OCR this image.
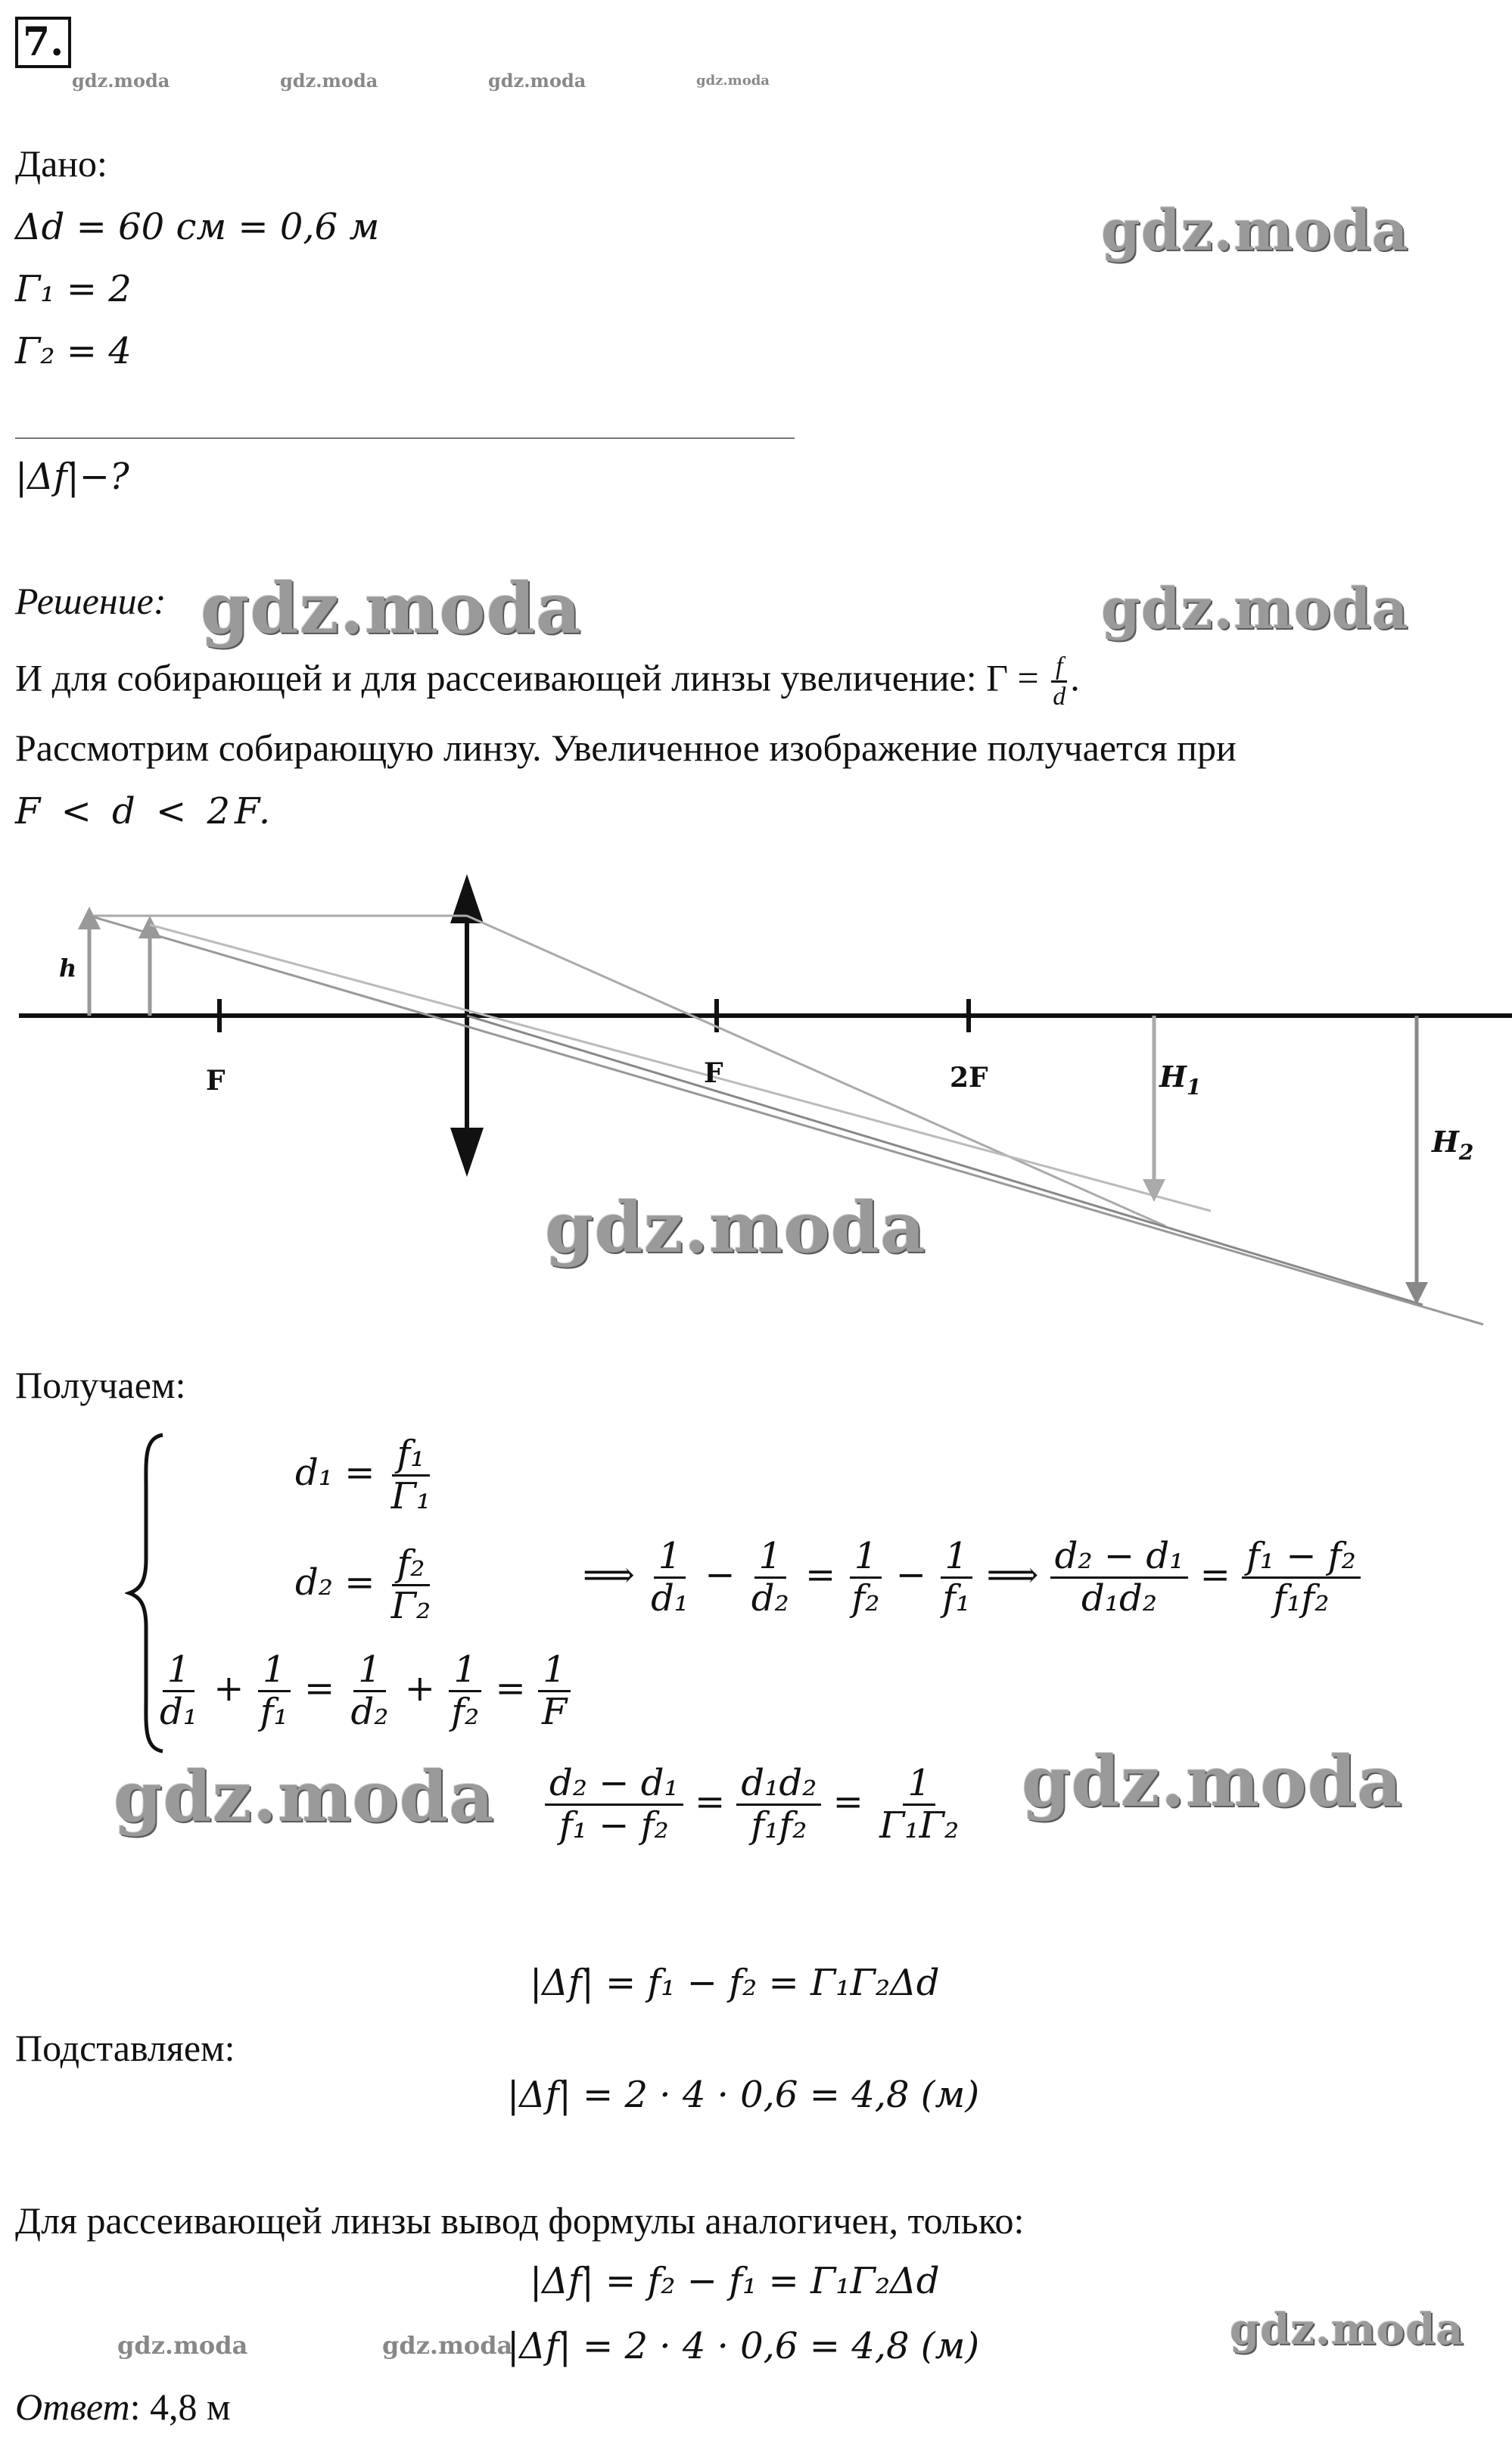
7.
gdz.moda	gdz.moda	gdz.moda	gdz.moda
Дано:
Δd = 60 см = 0,6 м
Γ₁ = 2
Γ₂ = 4
gdz.moda
|Δf|−?
Решение: gdz.moda	gdz.moda
И для собирающей и для рассеивающей линзы увеличение: $\Gamma = \frac{f}{d}$ .
Рассмотрим собирающую линзу. Увеличенное изображение получается при
F < d < 2F.
h
F	F	2F	$H_1$
$H_2$
gdz.moda
Получаем:
$d_1 = \frac{\text{f₁}}{\text{Γ₁}}$
$d_2 = \frac{\text{f₂}}{\text{Γ₂}}$
$\frac{1}{\text{d₁}} + \frac{1}{\text{f₁}} = \frac{1}{\text{d₂}} + \frac{1}{\text{f₂}} = \frac{1}{F}$
⟹ $\frac{1}{\text{d₁}} - \frac{1}{\text{d₂}} = \frac{1}{\text{f₂}} - \frac{1}{\text{f₁}}$ ⟹ $\frac{\text{d₂ − d₁}}{\text{d₁d₂}} = \frac{\text{f₁ − f₂}}{\text{f₁f₂}}$
gdz.moda	gdz.moda
$\frac{\text{d₂ − d₁}}{\text{f₁ − f₂}} = \frac{\text{d₁d₂}}{\text{f₁f₂}} = \frac{1}{\text{Γ₁Γ₂}}$
|Δf| = f₁ − f₂ = Γ₁Γ₂Δd
Подставляем:
|Δf| = 2 · 4 · 0,6 = 4,8 (м)
Для рассеивающей линзы вывод формулы аналогичен, только:
|Δf| = f₂ − f₁ = Γ₁Γ₂Δd
|Δf| = 2 · 4 · 0,6 = 4,8 (м)
gdz.moda	gdz.moda	gdz.moda
Ответ: 4,8 м
